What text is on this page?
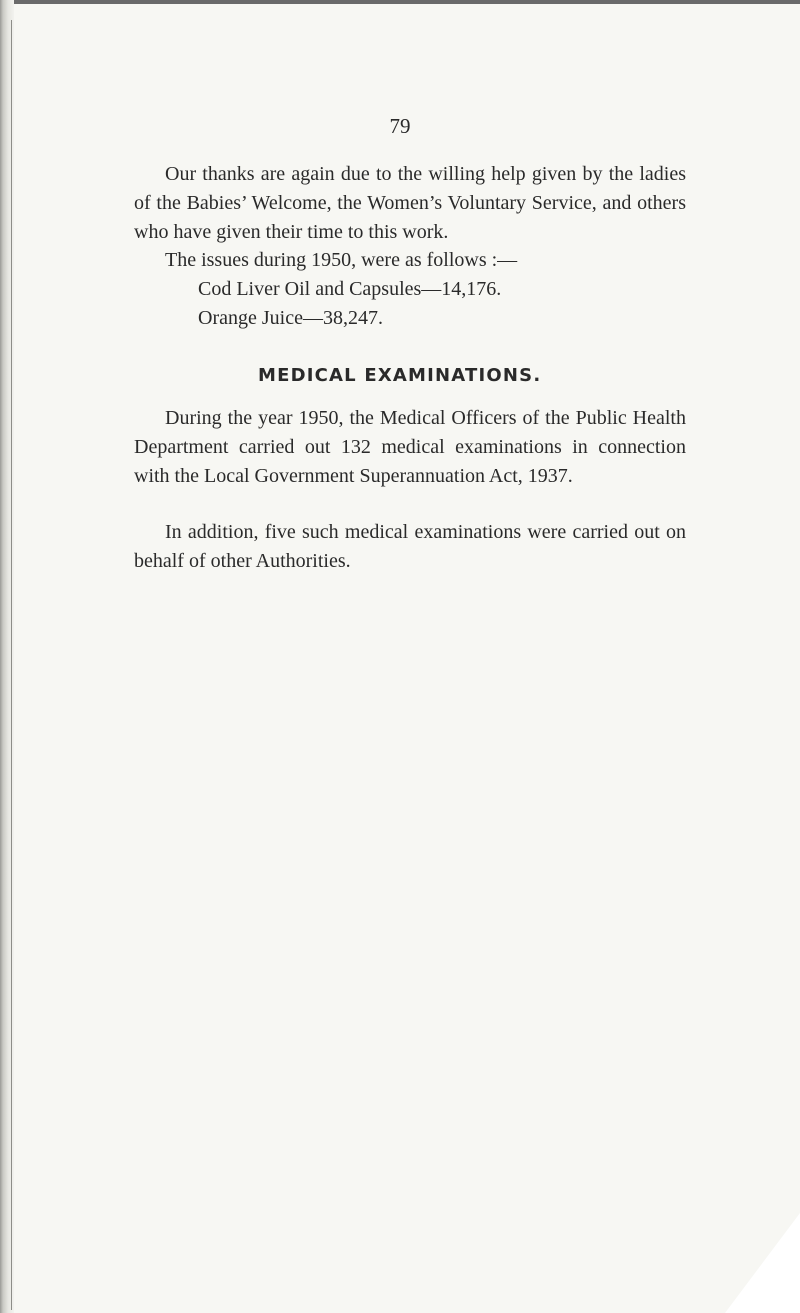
79

Our thanks are again due to the willing help given by the ladies of the Babies’ Welcome, the Women’s Voluntary Service, and others who have given their time to this work.

The issues during 1950, were as follows :—

Cod Liver Oil and Capsules—14,176.

Orange Juice—38,247.

MEDICAL EXAMINATIONS.

During the year 1950, the Medical Officers of the Public Health Department carried out 132 medical examinations in connection with the Local Government Superannuation Act, 1937.

In addition, five such medical examinations were carried out on behalf of other Authorities.
